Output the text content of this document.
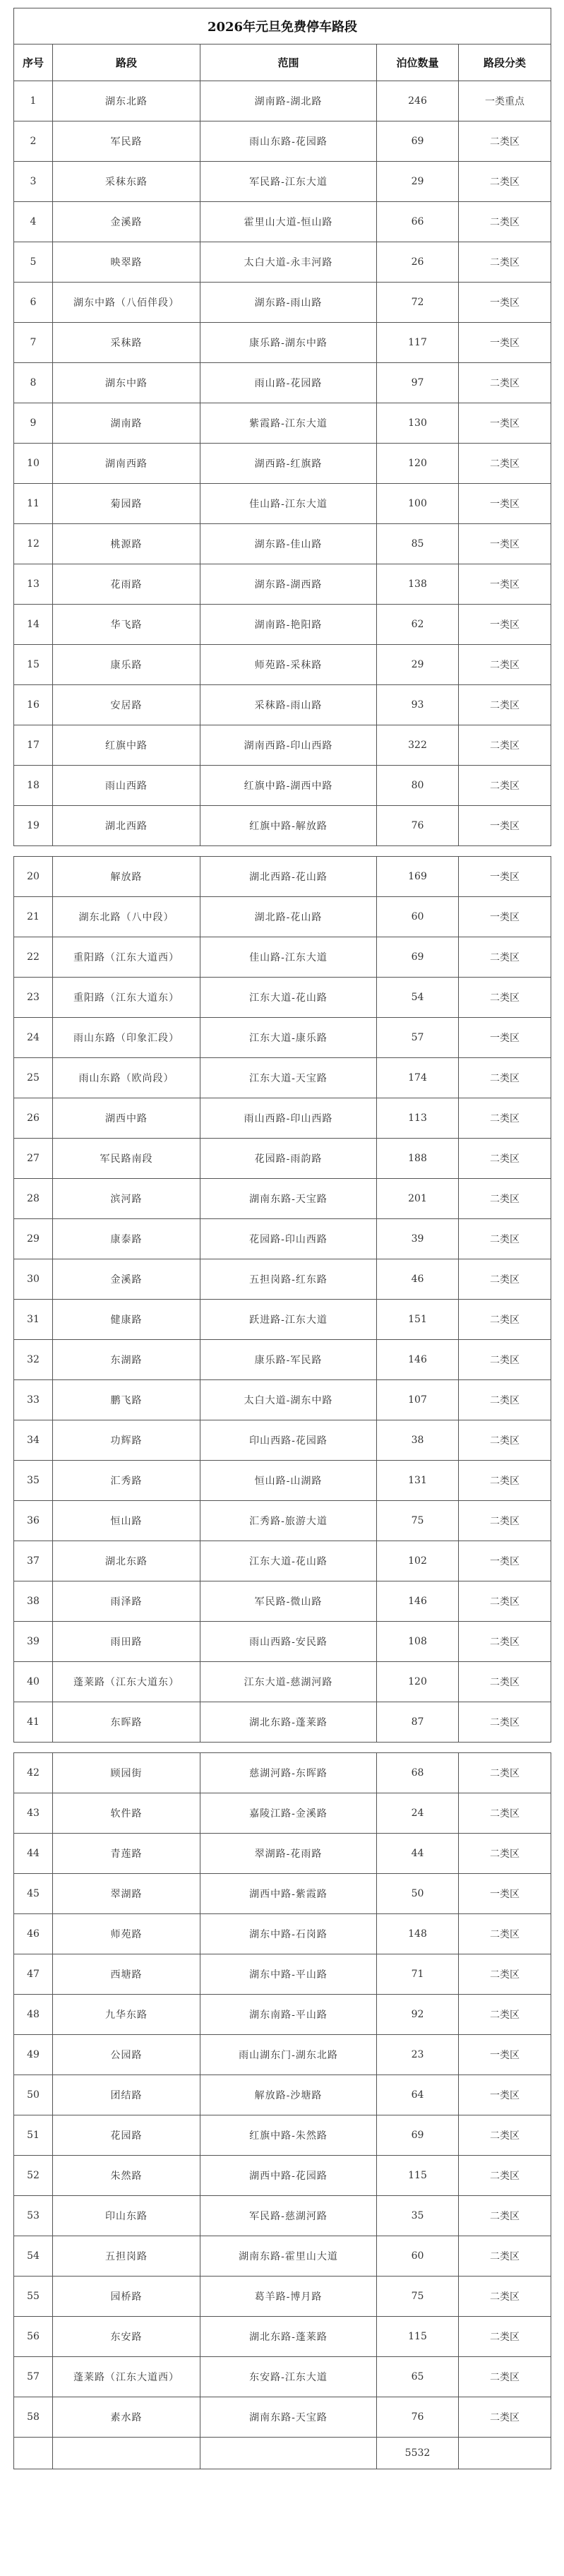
2026年元旦免费停车路段				
序号	路段	范围	泊位数量	路段分类
1	湖东北路	湖南路-湖北路	246	一类重点
2	军民路	雨山东路-花园路	69	二类区
3	采秣东路	军民路-江东大道	29	二类区
4	金溪路	霍里山大道-恒山路	66	二类区
5	映翠路	太白大道-永丰河路	26	二类区
6	湖东中路（八佰伴段）	湖东路-雨山路	72	一类区
7	采秣路	康乐路-湖东中路	117	一类区
8	湖东中路	雨山路-花园路	97	二类区
9	湖南路	紫霞路-江东大道	130	一类区
10	湖南西路	湖西路-红旗路	120	二类区
11	菊园路	佳山路-江东大道	100	一类区
12	桃源路	湖东路-佳山路	85	一类区
13	花雨路	湖东路-湖西路	138	一类区
14	华飞路	湖南路-艳阳路	62	一类区
15	康乐路	师苑路-采秣路	29	二类区
16	安居路	采秣路-雨山路	93	二类区
17	红旗中路	湖南西路-印山西路	322	二类区
18	雨山西路	红旗中路-湖西中路	80	二类区
19	湖北西路	红旗中路-解放路	76	一类区

20	解放路	湖北西路-花山路	169	一类区
21	湖东北路（八中段）	湖北路-花山路	60	一类区
22	重阳路（江东大道西）	佳山路-江东大道	69	二类区
23	重阳路（江东大道东）	江东大道-花山路	54	二类区
24	雨山东路（印象汇段）	江东大道-康乐路	57	一类区
25	雨山东路（欧尚段）	江东大道-天宝路	174	二类区
26	湖西中路	雨山西路-印山西路	113	二类区
27	军民路南段	花园路-雨韵路	188	二类区
28	滨河路	湖南东路-天宝路	201	二类区
29	康泰路	花园路-印山西路	39	二类区
30	金溪路	五担岗路-红东路	46	二类区
31	健康路	跃进路-江东大道	151	二类区
32	东湖路	康乐路-军民路	146	二类区
33	鹏飞路	太白大道-湖东中路	107	二类区
34	功辉路	印山西路-花园路	38	二类区
35	汇秀路	恒山路-山湖路	131	二类区
36	恒山路	汇秀路-旅游大道	75	二类区
37	湖北东路	江东大道-花山路	102	一类区
38	雨泽路	军民路-微山路	146	二类区
39	雨田路	雨山西路-安民路	108	二类区
40	蓬莱路（江东大道东）	江东大道-慈湖河路	120	二类区
41	东晖路	湖北东路-蓬莱路	87	二类区

42	顾园街	慈湖河路-东晖路	68	二类区
43	软件路	嘉陵江路-金溪路	24	二类区
44	青莲路	翠湖路-花雨路	44	二类区
45	翠湖路	湖西中路-紫霞路	50	一类区
46	师苑路	湖东中路-石岗路	148	二类区
47	西塘路	湖东中路-平山路	71	二类区
48	九华东路	湖东南路-平山路	92	二类区
49	公园路	雨山湖东门-湖东北路	23	一类区
50	团结路	解放路-沙塘路	64	一类区
51	花园路	红旗中路-朱然路	69	二类区
52	朱然路	湖西中路-花园路	115	二类区
53	印山东路	军民路-慈湖河路	35	二类区
54	五担岗路	湖南东路-霍里山大道	60	二类区
55	园桥路	葛羊路-博月路	75	二类区
56	东安路	湖北东路-蓬莱路	115	二类区
57	蓬莱路（江东大道西）	东安路-江东大道	65	二类区
58	素水路	湖南东路-天宝路	76	二类区
			5532	
